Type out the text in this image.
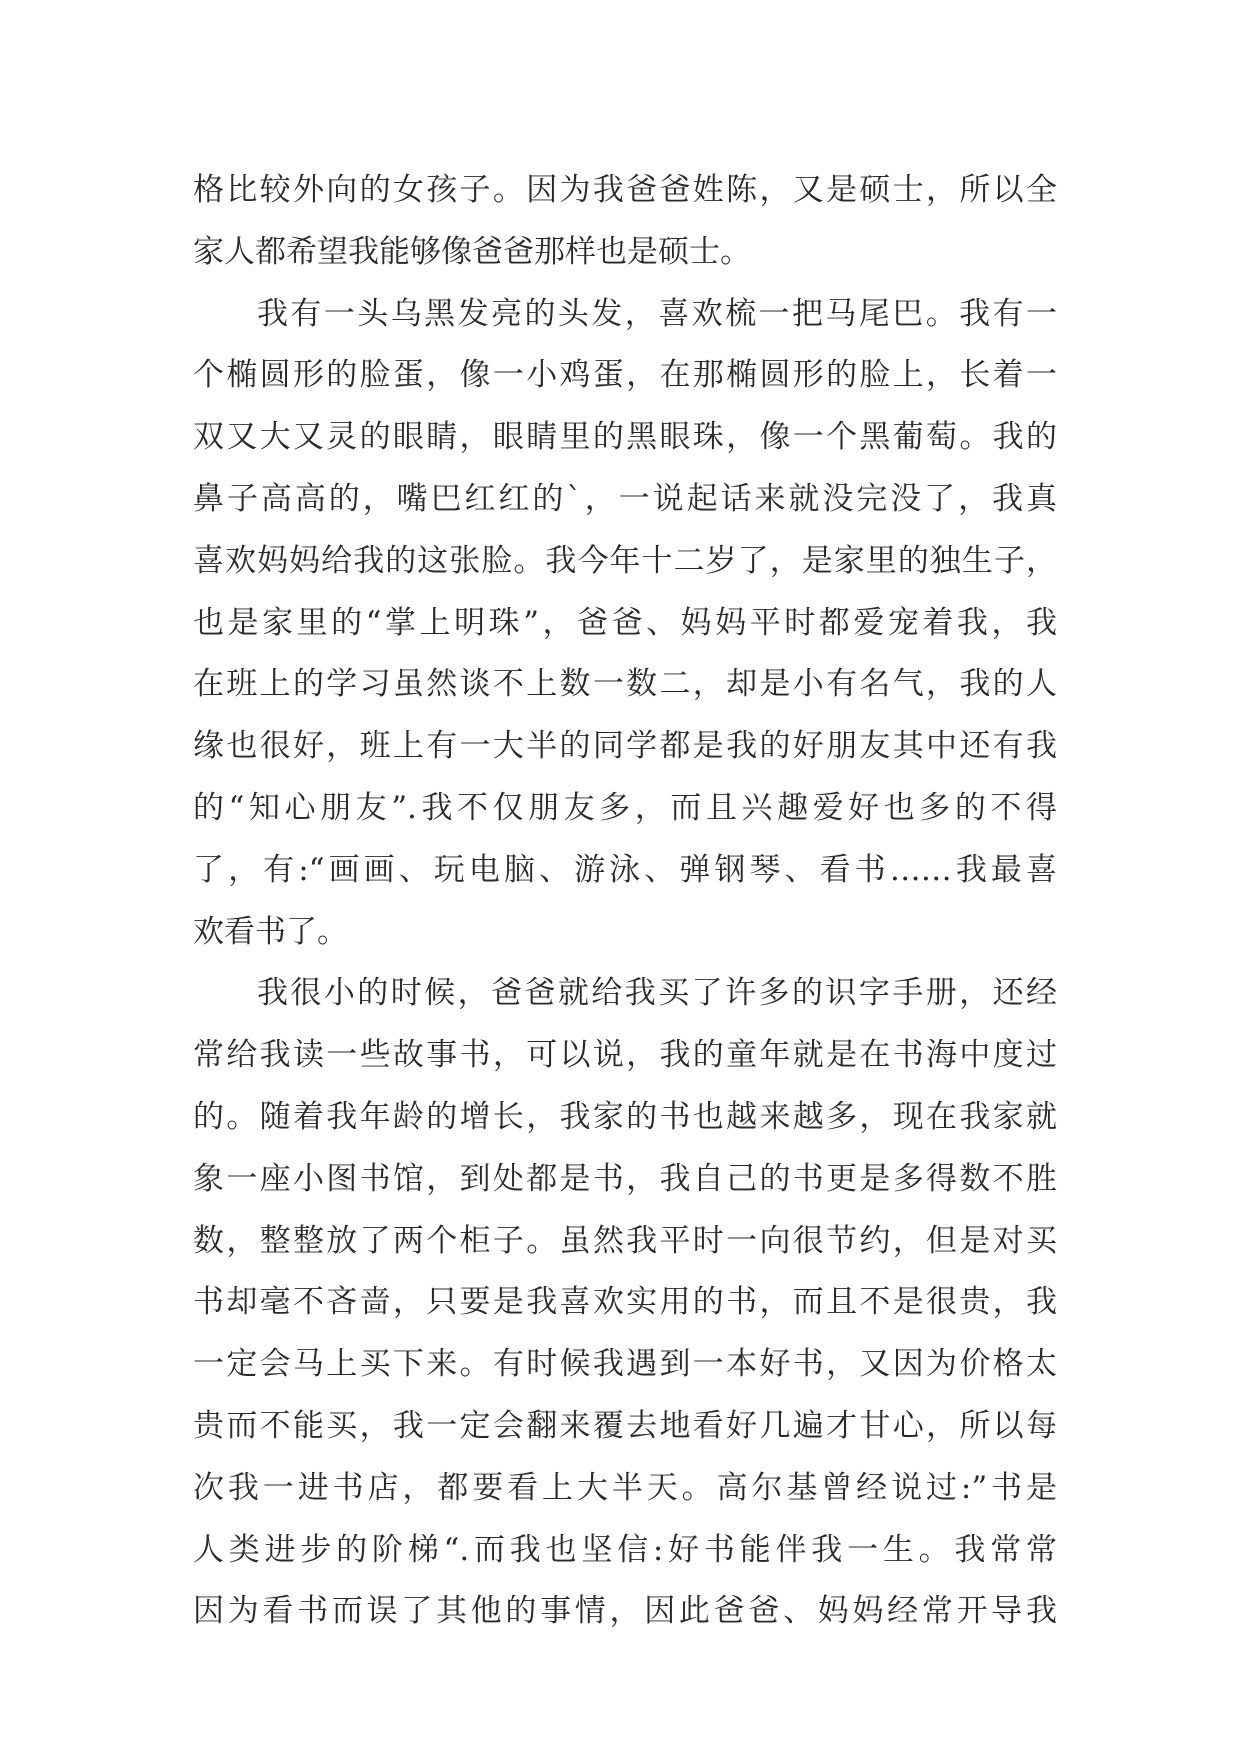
格比较外向的女孩子。因为我爸爸姓陈，又是硕士，所以全
家人都希望我能够像爸爸那样也是硕士。
我有一头乌黑发亮的头发，喜欢梳一把马尾巴。我有一
个椭圆形的脸蛋，像一小鸡蛋，在那椭圆形的脸上，长着一
双又大又灵的眼睛，眼睛里的黑眼珠，像一个黑葡萄。我的
鼻子高高的，嘴巴红红的`，一说起话来就没完没了，我真
喜欢妈妈给我的这张脸。我今年十二岁了，是家里的独生子，
也是家里的“掌上明珠”，爸爸、妈妈平时都爱宠着我，我
在班上的学习虽然谈不上数一数二，却是小有名气，我的人
缘也很好，班上有一大半的同学都是我的好朋友其中还有我
的“知心朋友”.我不仅朋友多，而且兴趣爱好也多的不得
了，有:“画画、玩电脑、游泳、弹钢琴、看书……我最喜
欢看书了。
我很小的时候，爸爸就给我买了许多的识字手册，还经
常给我读一些故事书，可以说，我的童年就是在书海中度过
的。随着我年龄的增长，我家的书也越来越多，现在我家就
象一座小图书馆，到处都是书，我自己的书更是多得数不胜
数，整整放了两个柜子。虽然我平时一向很节约，但是对买
书却毫不吝啬，只要是我喜欢实用的书，而且不是很贵，我
一定会马上买下来。有时候我遇到一本好书，又因为价格太
贵而不能买，我一定会翻来覆去地看好几遍才甘心，所以每
次我一进书店，都要看上大半天。高尔基曾经说过:”书是
人类进步的阶梯“.而我也坚信:好书能伴我一生。我常常
因为看书而误了其他的事情，因此爸爸、妈妈经常开导我
